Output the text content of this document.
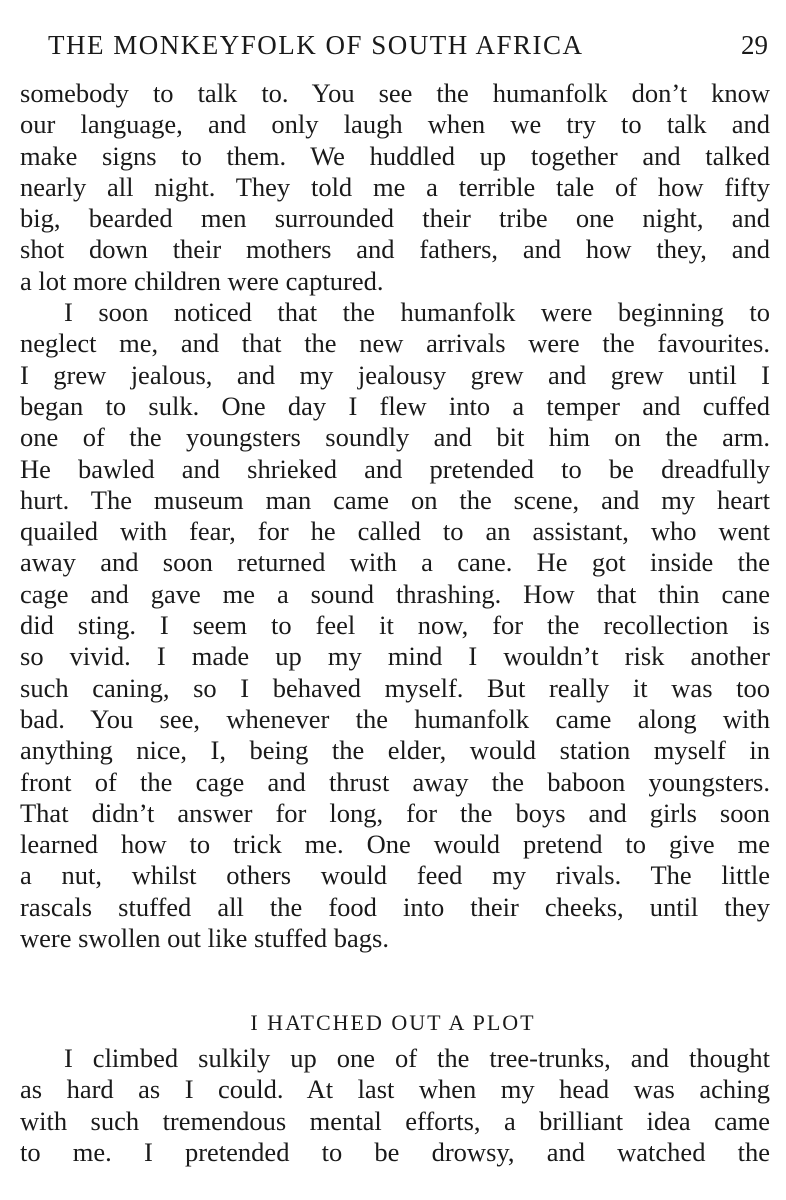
THE MONKEYFOLK OF SOUTH AFRICA	29
somebody to talk to. You see the humanfolk don’t know
our language, and only laugh when we try to talk and
make signs to them. We huddled up together and talked
nearly all night. They told me a terrible tale of how fifty
big, bearded men surrounded their tribe one night, and
shot down their mothers and fathers, and how they, and
a lot more children were captured.
I soon noticed that the humanfolk were beginning to
neglect me, and that the new arrivals were the favourites.
I grew jealous, and my jealousy grew and grew until I
began to sulk. One day I flew into a temper and cuffed
one of the youngsters soundly and bit him on the arm.
He bawled and shrieked and pretended to be dreadfully
hurt. The museum man came on the scene, and my heart
quailed with fear, for he called to an assistant, who went
away and soon returned with a cane. He got inside the
cage and gave me a sound thrashing. How that thin cane
did sting. I seem to feel it now, for the recollection is
so vivid. I made up my mind I wouldn’t risk another
such caning, so I behaved myself. But really it was too
bad. You see, whenever the humanfolk came along with
anything nice, I, being the elder, would station myself in
front of the cage and thrust away the baboon youngsters.
That didn’t answer for long, for the boys and girls soon
learned how to trick me. One would pretend to give me
a nut, whilst others would feed my rivals. The little
rascals stuffed all the food into their cheeks, until they
were swollen out like stuffed bags.
I HATCHED OUT A PLOT
I climbed sulkily up one of the tree-trunks, and thought
as hard as I could. At last when my head was aching
with such tremendous mental efforts, a brilliant idea came
to me. I pretended to be drowsy, and watched the
